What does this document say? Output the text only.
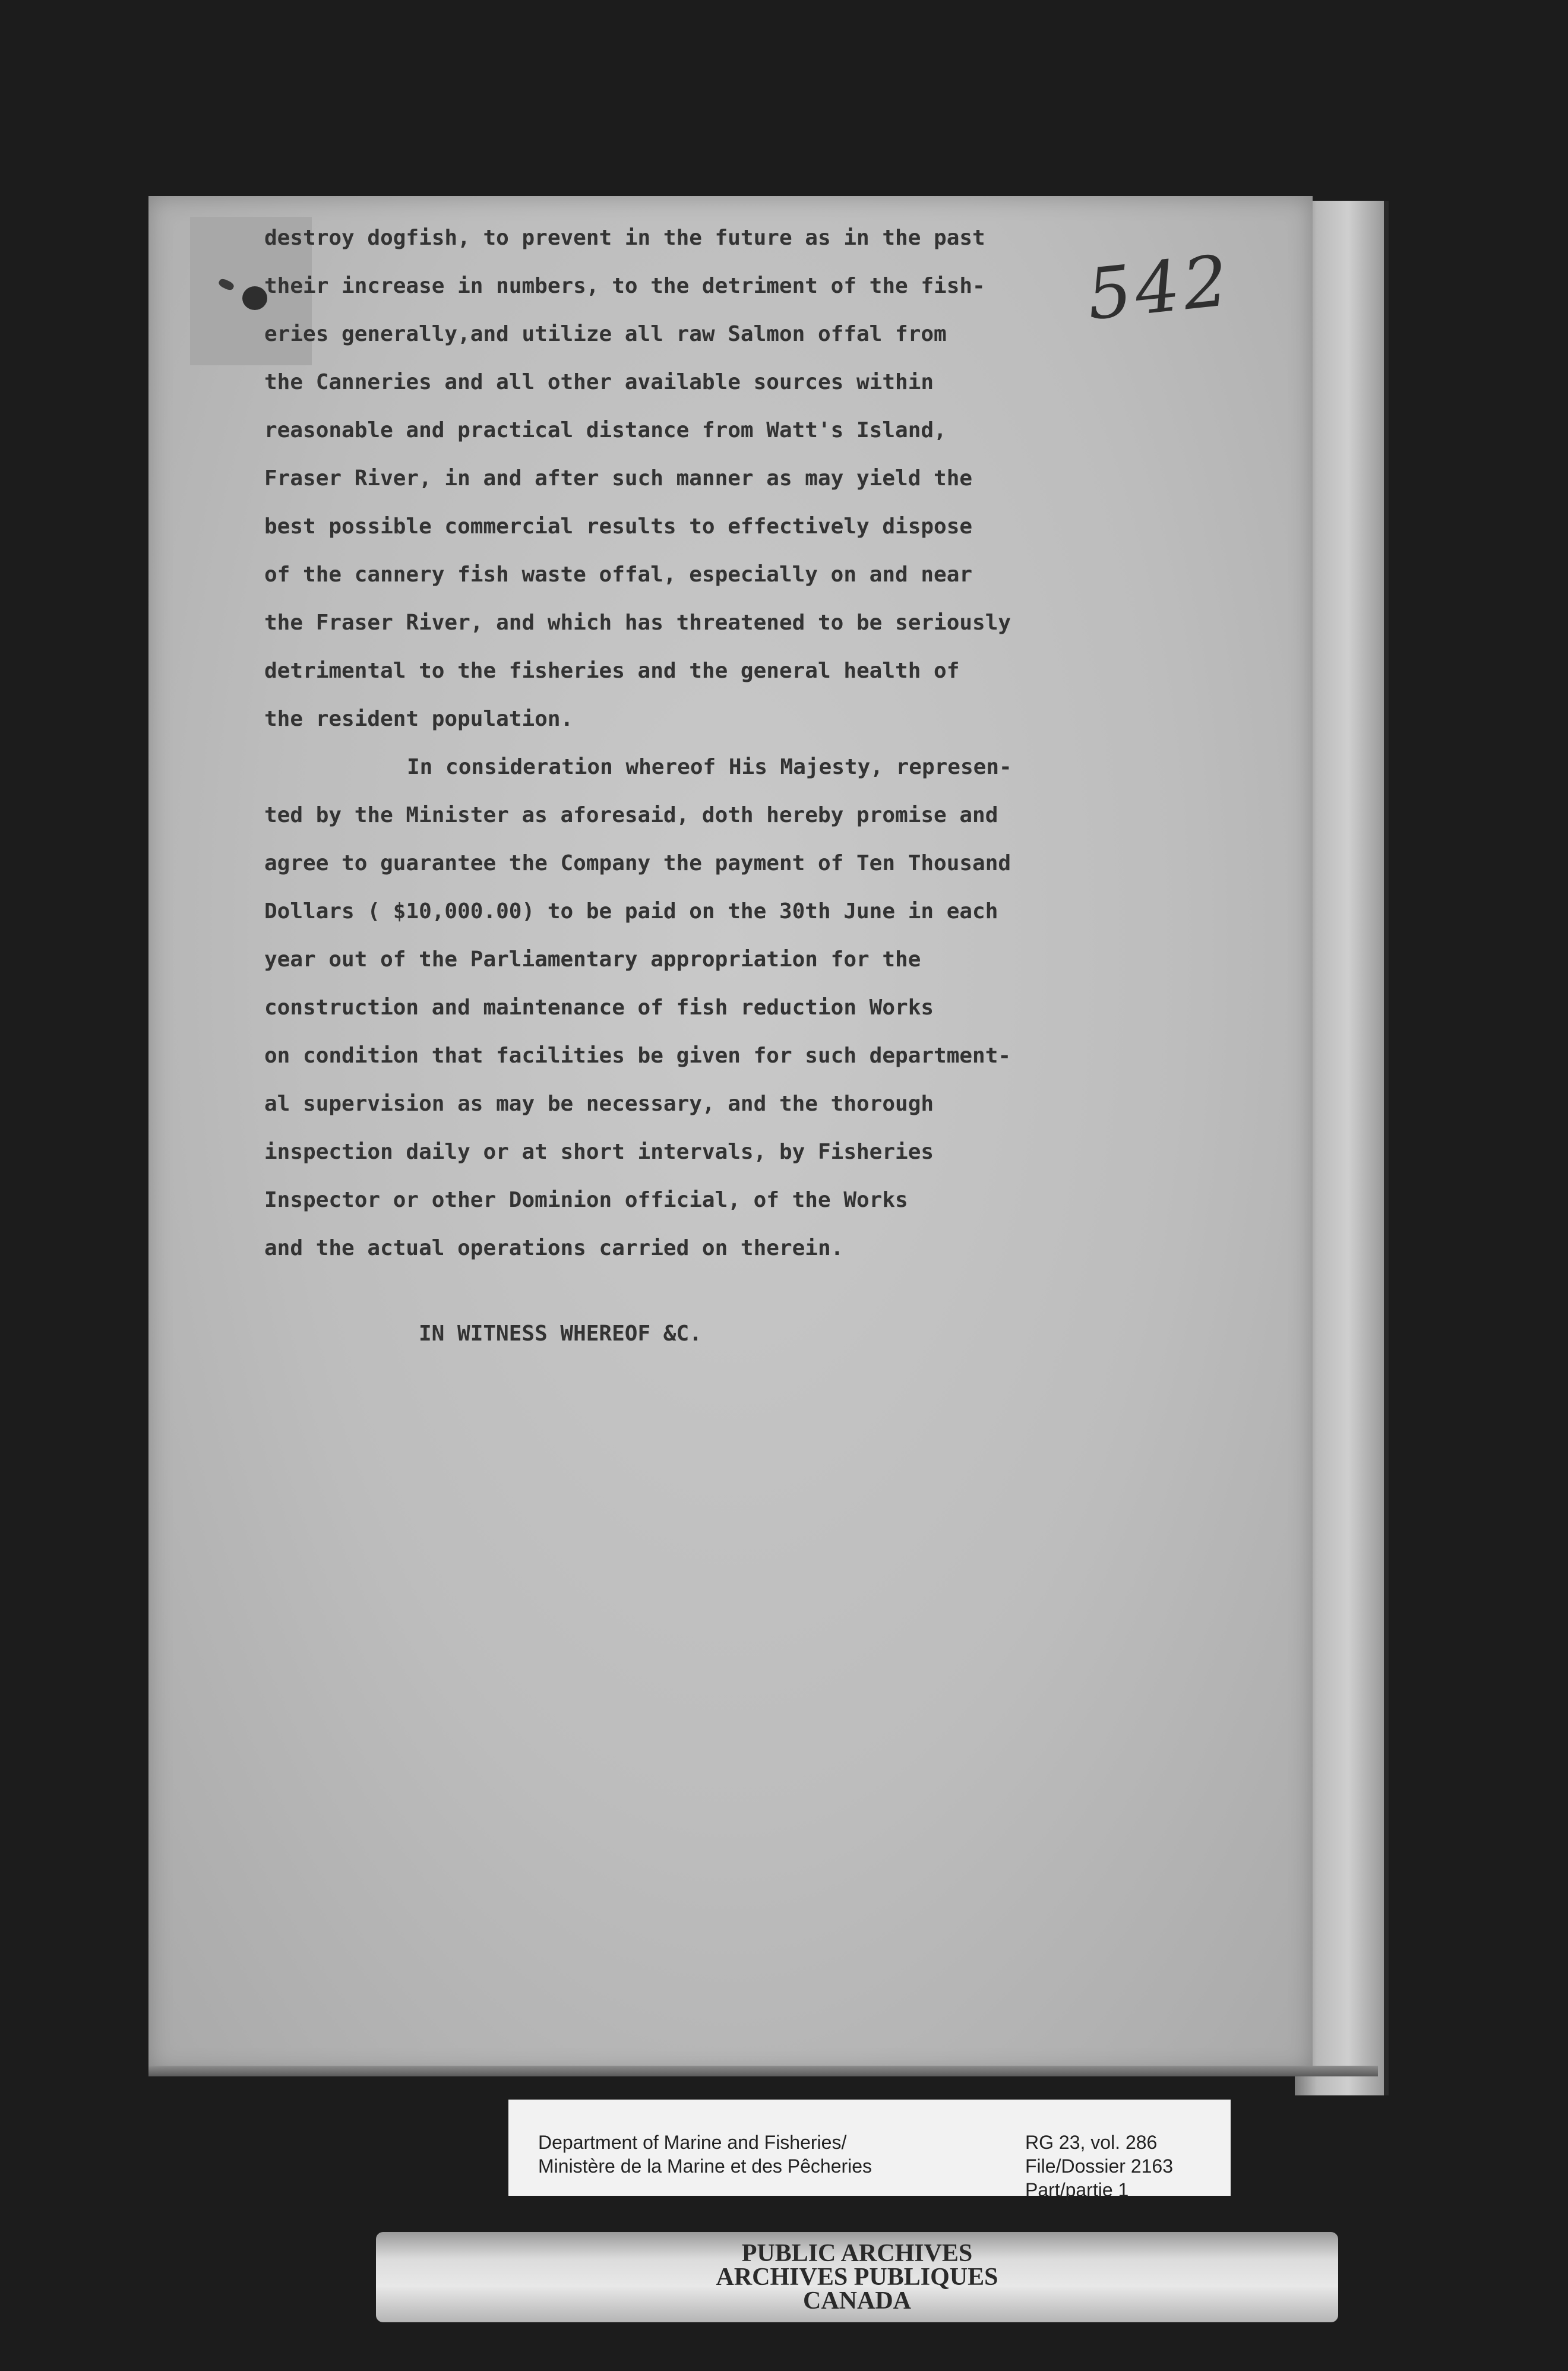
542

destroy dogfish, to prevent in the future as in the past

their increase in numbers, to the detriment of the fish-

eries generally,and utilize all raw Salmon offal from

the Canneries and all other available sources within

reasonable and practical distance from Watt's Island,

Fraser River, in and after such manner as may yield the

best possible commercial results to effectively dispose

of the cannery fish waste offal, especially on and near

the Fraser River, and which has threatened to be seriously

detrimental to the fisheries and the general health of

the resident population.

In consideration whereof His Majesty, represen-

ted by the Minister as aforesaid, doth hereby promise and

agree to guarantee the Company the payment of Ten Thousand

Dollars ( $10,000.00) to be paid on the 30th June in each

year out of the Parliamentary appropriation for the

construction and maintenance of fish reduction Works

on condition that facilities be given for such department-

al supervision as may be necessary, and the thorough

inspection daily or at short intervals, by Fisheries

Inspector or other Dominion official, of the Works

and the actual operations carried on therein.

IN WITNESS WHEREOF &C.

Department of Marine and Fisheries/

Ministère de la Marine et des Pêcheries

RG 23, vol. 286

File/Dossier 2163

Part/partie 1

PUBLIC ARCHIVES

ARCHIVES PUBLIQUES

CANADA
